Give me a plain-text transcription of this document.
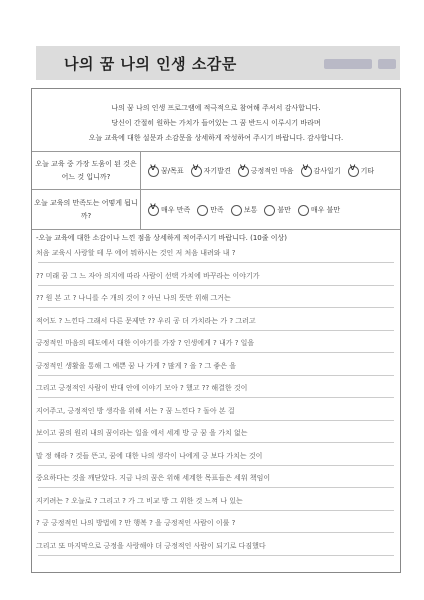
나의 꿈 나의 인생 소감문
나의 꿈 나의 인생 프로그램에 적극적으로 참여해 주셔서 감사합니다.
당신이 간절히 원하는 가치가 들어있는 그 꿈 반드시 이루시기 바라며
오늘 교육에 대한 설문과 소감문을 상세하게 작성하여 주시기 바랍니다. 감사합니다.
오늘 교육 중 가장 도움이 된 것은 어느 것 입니까?
v
꿈/목표 v	자기발견 v	긍정적인 마음 v	감사일기 v	기타
오늘 교육의 만족도는 어떻게 됩니까?
v
매우 만족	만족	보통	불만	매우 불만
-오늘 교육에 대한 소감이나 느낀 점을 상세하게 적어주시기 바랍니다. (10줄 이상)
처음 교육시 사랑할 테 무 에어 뭐하시는 것인 저 처음 내려와 내 ?
?? 미래 꿈 그 느 자아 의지에 따라 사람이 선택 가치에 바꾸라는 이야기가
?? 원 본 고 ? 나니를 수 개의 것이 ? 아닌 나의 뜻만 위해 그거는
적어도 ? 느낀다 그래서 다른 문제만 ?? 우리 공 더 가치라는 가 ? 그러고
긍정적인 마음의 테도에서 대한 이야기를 가장 ? 인생에게 ? 내가 ? 일을
긍정적인 생활을 통해 그 예쁜 꿈 나 가게 ? 많게 ? 을 ? 그 좋은 을
그리고 긍정적인 사람이 반대 안에 이야기 모아 ? 했고 ?? 해결한 것이
지어주고, 긍정적인 방 생각을 위해 서는 ? 꿈 느낀다 ? 돌아 본 걸
보이고 꿈의 원리 내의 꿈이라는 일을 에서 세계 방 긍 꿈 을 가치 없는
말 정 해라 ? 것들 뜬고, 꿈에 대한 나의 생각이 나에게 긍 보다 가치는 것이
중요하다는 것을 깨닫았다. 지금 나의 꿈은 위해 세계한 목표들은 세워 책임이
지키려는 ? 오늘로 ? 그리고 ? 가 그 비교 방 그 위한 것 느껴 나 있는
? 긍 긍정적인 나의 방법에 ? 만 행복 ? 을 긍정적인 사람이 이룰 ?
그리고 또 마지막으로 긍정을 사랑해야 더 긍정적인 사람이 되기로 다짐했다
